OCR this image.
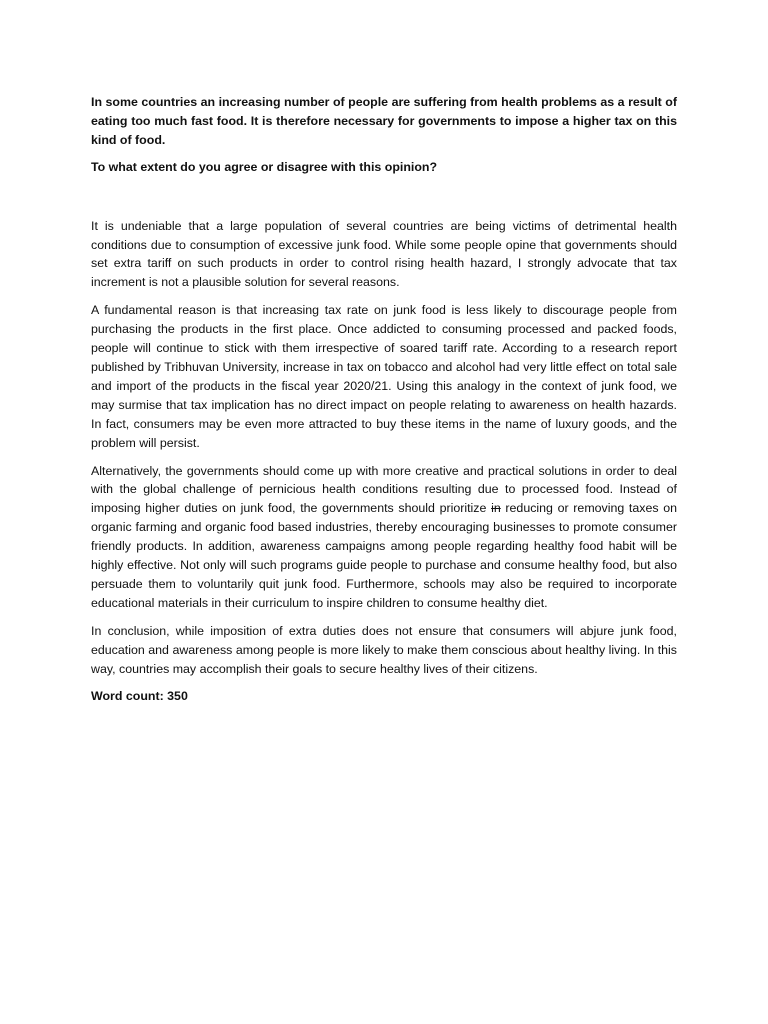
In some countries an increasing number of people are suffering from health problems as a result of eating too much fast food. It is therefore necessary for governments to impose a higher tax on this kind of food.

To what extent do you agree or disagree with this opinion?

It is undeniable that a large population of several countries are being victims of detrimental health conditions due to consumption of excessive junk food. While some people opine that governments should set extra tariff on such products in order to control rising health hazard, I strongly advocate that tax increment is not a plausible solution for several reasons.

A fundamental reason is that increasing tax rate on junk food is less likely to discourage people from purchasing the products in the first place. Once addicted to consuming processed and packed foods, people will continue to stick with them irrespective of soared tariff rate. According to a research report published by Tribhuvan University, increase in tax on tobacco and alcohol had very little effect on total sale and import of the products in the fiscal year 2020/21. Using this analogy in the context of junk food, we may surmise that tax implication has no direct impact on people relating to awareness on health hazards. In fact, consumers may be even more attracted to buy these items in the name of luxury goods, and the problem will persist.

Alternatively, the governments should come up with more creative and practical solutions in order to deal with the global challenge of pernicious health conditions resulting due to processed food. Instead of imposing higher duties on junk food, the governments should prioritize in reducing or removing taxes on organic farming and organic food based industries, thereby encouraging businesses to promote consumer friendly products. In addition, awareness campaigns among people regarding healthy food habit will be highly effective. Not only will such programs guide people to purchase and consume healthy food, but also persuade them to voluntarily quit junk food. Furthermore, schools may also be required to incorporate educational materials in their curriculum to inspire children to consume healthy diet.

In conclusion, while imposition of extra duties does not ensure that consumers will abjure junk food, education and awareness among people is more likely to make them conscious about healthy living. In this way, countries may accomplish their goals to secure healthy lives of their citizens.

Word count: 350
